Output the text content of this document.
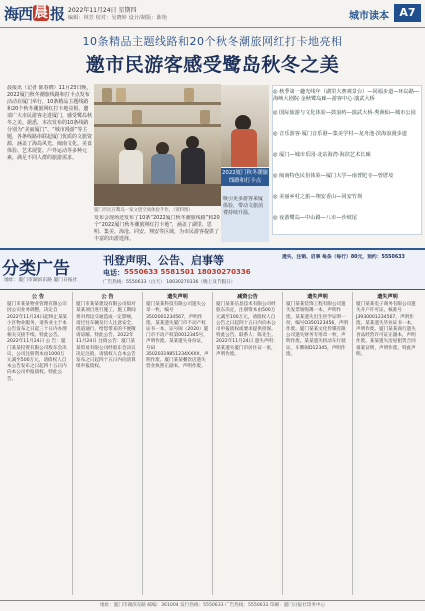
海西 晨 报 2022年11月24日 星期四
编辑：林芳 校对：吴晓婷 设计/制版：陈艳	城市读本 A7
10条精品主题线路和20个秋冬潮旅网红打卡地亮相
邀市民游客感受鹭岛秋冬之美
晨报讯（记者 陈春晓）11月23日晚，2022厦门秋冬潮旅线路和打卡点发布活动在厦门举行，10条精品主题线路和20个秋冬潮旅网红打卡地亮相，邀请广大市民游客走进厦门，感受鹭岛秋冬之美。据悉，本次发布的10条线路分别为“美丽厦门”、“城市漫游”等主题，各条线路串联起厦门优质的文旅资源，涵盖了海岛风光、闽南文化、美食体验、艺术展览、户外运动等多种元素，满足不同人群的旅游需求。
厦门市民在鹭岛一家文创空间体验手作。（资料图）
发布会现场还发布了10条“2022厦门秋冬潮旅线路”和20个“2022厦门秋冬潮旅网红打卡地”，涵盖了湖里、思明、集美、海沧、同安、翔安等区域，为市民游客提供了丰富的出游选择。
2022厦门秋冬潮旅线路和打卡点
吸引更多游客来厦体验，带动文旅消费持续升温。
◎ 秋季第一趣光线年（湖里大赛观景台）—同福步道—环岛路—海峡大剧院·金秋鹭岛廊—游客中心·演武大桥
◎ 国际旅游与文化体验—鼓浪屿—演武大桥·秀洲仙—城市公园
◎ 音乐游客·厦门音乐港—集美学村—龙舟池·滨海浪漫步道
◎ 厦门—城市乐园·北站海湾·海滨艺术长廊
◎ 闽南特色民俗体验—厦门大学—南普陀寺—曾厝垵
◎ 美丽乡村之旅—翔安香山—同安竹坝
◎ 夜游鹭岛—中山路—八市—沙坡尾
分类广告
地址：厦门市湖滨东路 厦门日报社
刊登声明、公告、启事等
电话： 5550633 5581501 18030270336
广告热线：5550633（白天） 18030270336（晚上及节假日）
遗失、注销、启事 每条（每行）80元，预约：5550633
公 告
厦门市某某物业管理有限公司因公司业务调整，决定自2022年11月24日起终止某某小区物业服务，请各业主于本公告发布之日起三十日内办理相关交接手续。特此公告。2022年11月24日 公 告：厦门某某投资有限公司股东会决议，公司注册资本由1000万元减至500万元，请债权人自本公告发布之日起四十五日内向本公司申报债权。特此公告。
公 告
厦门市某某建设有限公司拟对某某项目进行施工，施工期间将对周边交通造成一定影响，请过往车辆及行人注意安全，绕道通行，给您带来的不便敬请谅解。特此公告。2022年11月24日 注销公告：厦门某某贸易有限公司经股东会决议决定注销，请债权人自本公告发布之日起四十五日内向清算组申报债权。
遗失声明
厦门某某科技有限公司遗失公章一枚，编号3502001234567，声明作废。某某遗失厦门市不动产权证书一本，证号闽（2020）厦门市不动产权第0012345号，声明作废。某某遗失身份证，号码35020319851234XXXX，声明作废。厦门某某餐饮店遗失营业执照正副本，声明作废。
减资公告
厦门某某信息技术有限公司经股东决定，注册资本由500万元减至100万元，请债权人自公告之日起四十五日内向本公司申报债权或要求提供担保。特此公告。联系人：陈先生。2022年11月24日 遗失声明：某某遗失厦门市居住证一张，声明作废。
遗失声明
厦门某某装饰工程有限公司遗失发票领购簿一本，声明作废。某某遗失出生医学证明一份，编号O350123456，声明作废。厦门某某文化传媒有限公司遗失财务专用章一枚，声明作废。某某遗失机动车行驶证，车牌闽D12345，声明作废。
遗失声明
厦门某某电子商务有限公司遗失开户许可证，核准号J3930001234567，声明作废。某某遗失毕业证书一本，声明作废。厦门某某商行遗失食品经营许可证正副本，声明作废。某某遗失房屋租赁合同备案证明，声明作废。特此声明。
地址：厦门市湖滨东路 邮编：361004 发行热线：5550633 广告热线：5550633 印刷：厦门日报社印务中心
